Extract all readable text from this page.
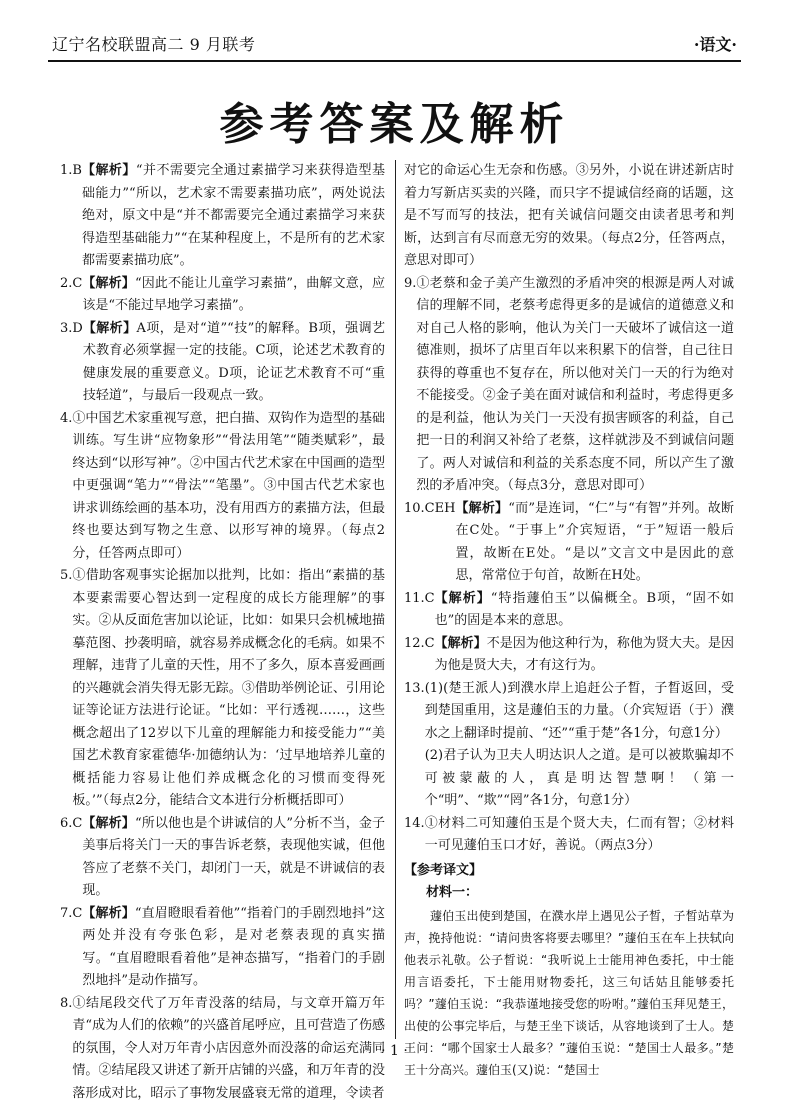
辽宁名校联盟高二 9 月联考	·语文·
参考答案及解析
1.B 【解析】“并不需要完全通过素描学习来获得造型基础能力”“所以，艺术家不需要素描功底”，两处说法绝对，原文中是“并不都需要完全通过素描学习来获得造型基础能力”“在某种程度上，不是所有的艺术家都需要素描功底”。
2.C 【解析】“因此不能让儿童学习素描”，曲解文意，应该是“不能过早地学习素描”。
3.D 【解析】A项，是对“道”“技”的解释。B项，强调艺术教育必须掌握一定的技能。C项，论述艺术教育的健康发展的重要意义。D项，论证艺术教育不可“重技轻道”，与最后一段观点一致。
4. ①中国艺术家重视写意，把白描、双钩作为造型的基础训练。写生讲“应物象形”“骨法用笔”“随类赋彩”，最终达到“以形写神”。②中国古代艺术家在中国画的造型中更强调“笔力”“骨法”“笔墨”。③中国古代艺术家也讲求训练绘画的基本功，没有用西方的素描方法，但最终也要达到写物之生意、以形写神的境界。（每点2分，任答两点即可）
5. ①借助客观事实论据加以批判，比如：指出“素描的基本要素需要心智达到一定程度的成长方能理解”的事实。②从反面危害加以论证，比如：如果只会机械地描摹范图、抄袭明暗，就容易养成概念化的毛病。如果不理解，违背了儿童的天性，用不了多久，原本喜爱画画的兴趣就会消失得无影无踪。③借助举例论证、引用论证等论证方法进行论证。“比如：平行透视……，这些概念超出了12岁以下儿童的理解能力和接受能力”“美国艺术教育家霍德华·加德纳认为：‘过早地培养儿童的概括能力容易让他们养成概念化的习惯而变得死板。’”（每点2分，能结合文本进行分析概括即可）
6.C 【解析】“所以他也是个讲诚信的人”分析不当，金子美事后将关门一天的事告诉老蔡，表现他实诚，但他答应了老蔡不关门，却闭门一天，就是不讲诚信的表现。
7.C 【解析】“直眉瞪眼看着他”“指着门的手剧烈地抖”这两处并没有夸张色彩，是对老蔡表现的真实描写。“直眉瞪眼看着他”是神态描写，“指着门的手剧烈地抖”是动作描写。
8. ①结尾段交代了万年青没落的结局，与文章开篇万年青“成为人们的依赖”的兴盛首尾呼应，且可营造了伤感的氛围，令人对万年青小店因意外而没落的命运充满同情。②结尾段又讲述了新开店铺的兴盛，和万年青的没落形成对比，昭示了事物发展盛衰无常的道理，令读者
对它的命运心生无奈和伤感。③另外，小说在讲述新店时着力写新店买卖的兴隆，而只字不提诚信经商的话题，这是不写而写的技法，把有关诚信问题交由读者思考和判断，达到言有尽而意无穷的效果。（每点2分，任答两点，意思对即可）
9. ①老蔡和金子美产生激烈的矛盾冲突的根源是两人对诚信的理解不同，老蔡考虑得更多的是诚信的道德意义和对自己人格的影响，他认为关门一天破坏了诚信这一道德准则，损坏了店里百年以来积累下的信誉，自己往日获得的尊重也不复存在，所以他对关门一天的行为绝对不能接受。②金子美在面对诚信和利益时，考虑得更多的是利益，他认为关门一天没有损害顾客的利益，自己把一日的利润又补给了老蔡，这样就涉及不到诚信问题了。两人对诚信和利益的关系态度不同，所以产生了激烈的矛盾冲突。（每点3分，意思对即可）
10.CEH 【解析】“而”是连词，“仁”与“有智”并列。故断在C处。“于事上”介宾短语，“于”短语一般后置，故断在E处。“是以”文言文中是因此的意思，常常位于句首，故断在H处。
11.C 【解析】“特指蘧伯玉”以偏概全。B项，“固不如也”的固是本来的意思。
12.C 【解析】不是因为他这种行为，称他为贤大夫。是因为他是贤大夫，才有这行为。
13. (1)(楚王派人)到濮水岸上追赶公子晳，子晳返回，受到楚国重用，这是蘧伯玉的力量。（介宾短语（于）濮水之上翻译时提前、“还”“重于楚”各1分，句意1分）
(2)君子认为卫夫人明达识人之道。是可以被欺骗却不可被蒙蔽的人，真是明达智慧啊！（第一个“明”、“欺”“罔”各1分，句意1分）
14. ①材料二可知蘧伯玉是个贤大夫，仁而有智；②材料一可见蘧伯玉口才好，善说。（两点3分）
【参考译文】
材料一：
蘧伯玉出使到楚国，在濮水岸上遇见公子晳，子晳站草为声，挽持他说：“请问贵客将要去哪里？”蘧伯玉在车上扶轼向他表示礼敬。公子晳说：“我听说上士能用神色委托，中士能用言语委托，下士能用财物委托，这三句话姑且能够委托吗？”蘧伯玉说：“我恭谨地接受您的吩咐。”蘧伯玉拜见楚王，出使的公事完毕后，与楚王坐下谈话，从容地谈到了士人。楚王问：“哪个国家士人最多？”蘧伯玉说：“楚国士人最多。”楚王十分高兴。蘧伯玉(又)说：“楚国士
· 1 ·
